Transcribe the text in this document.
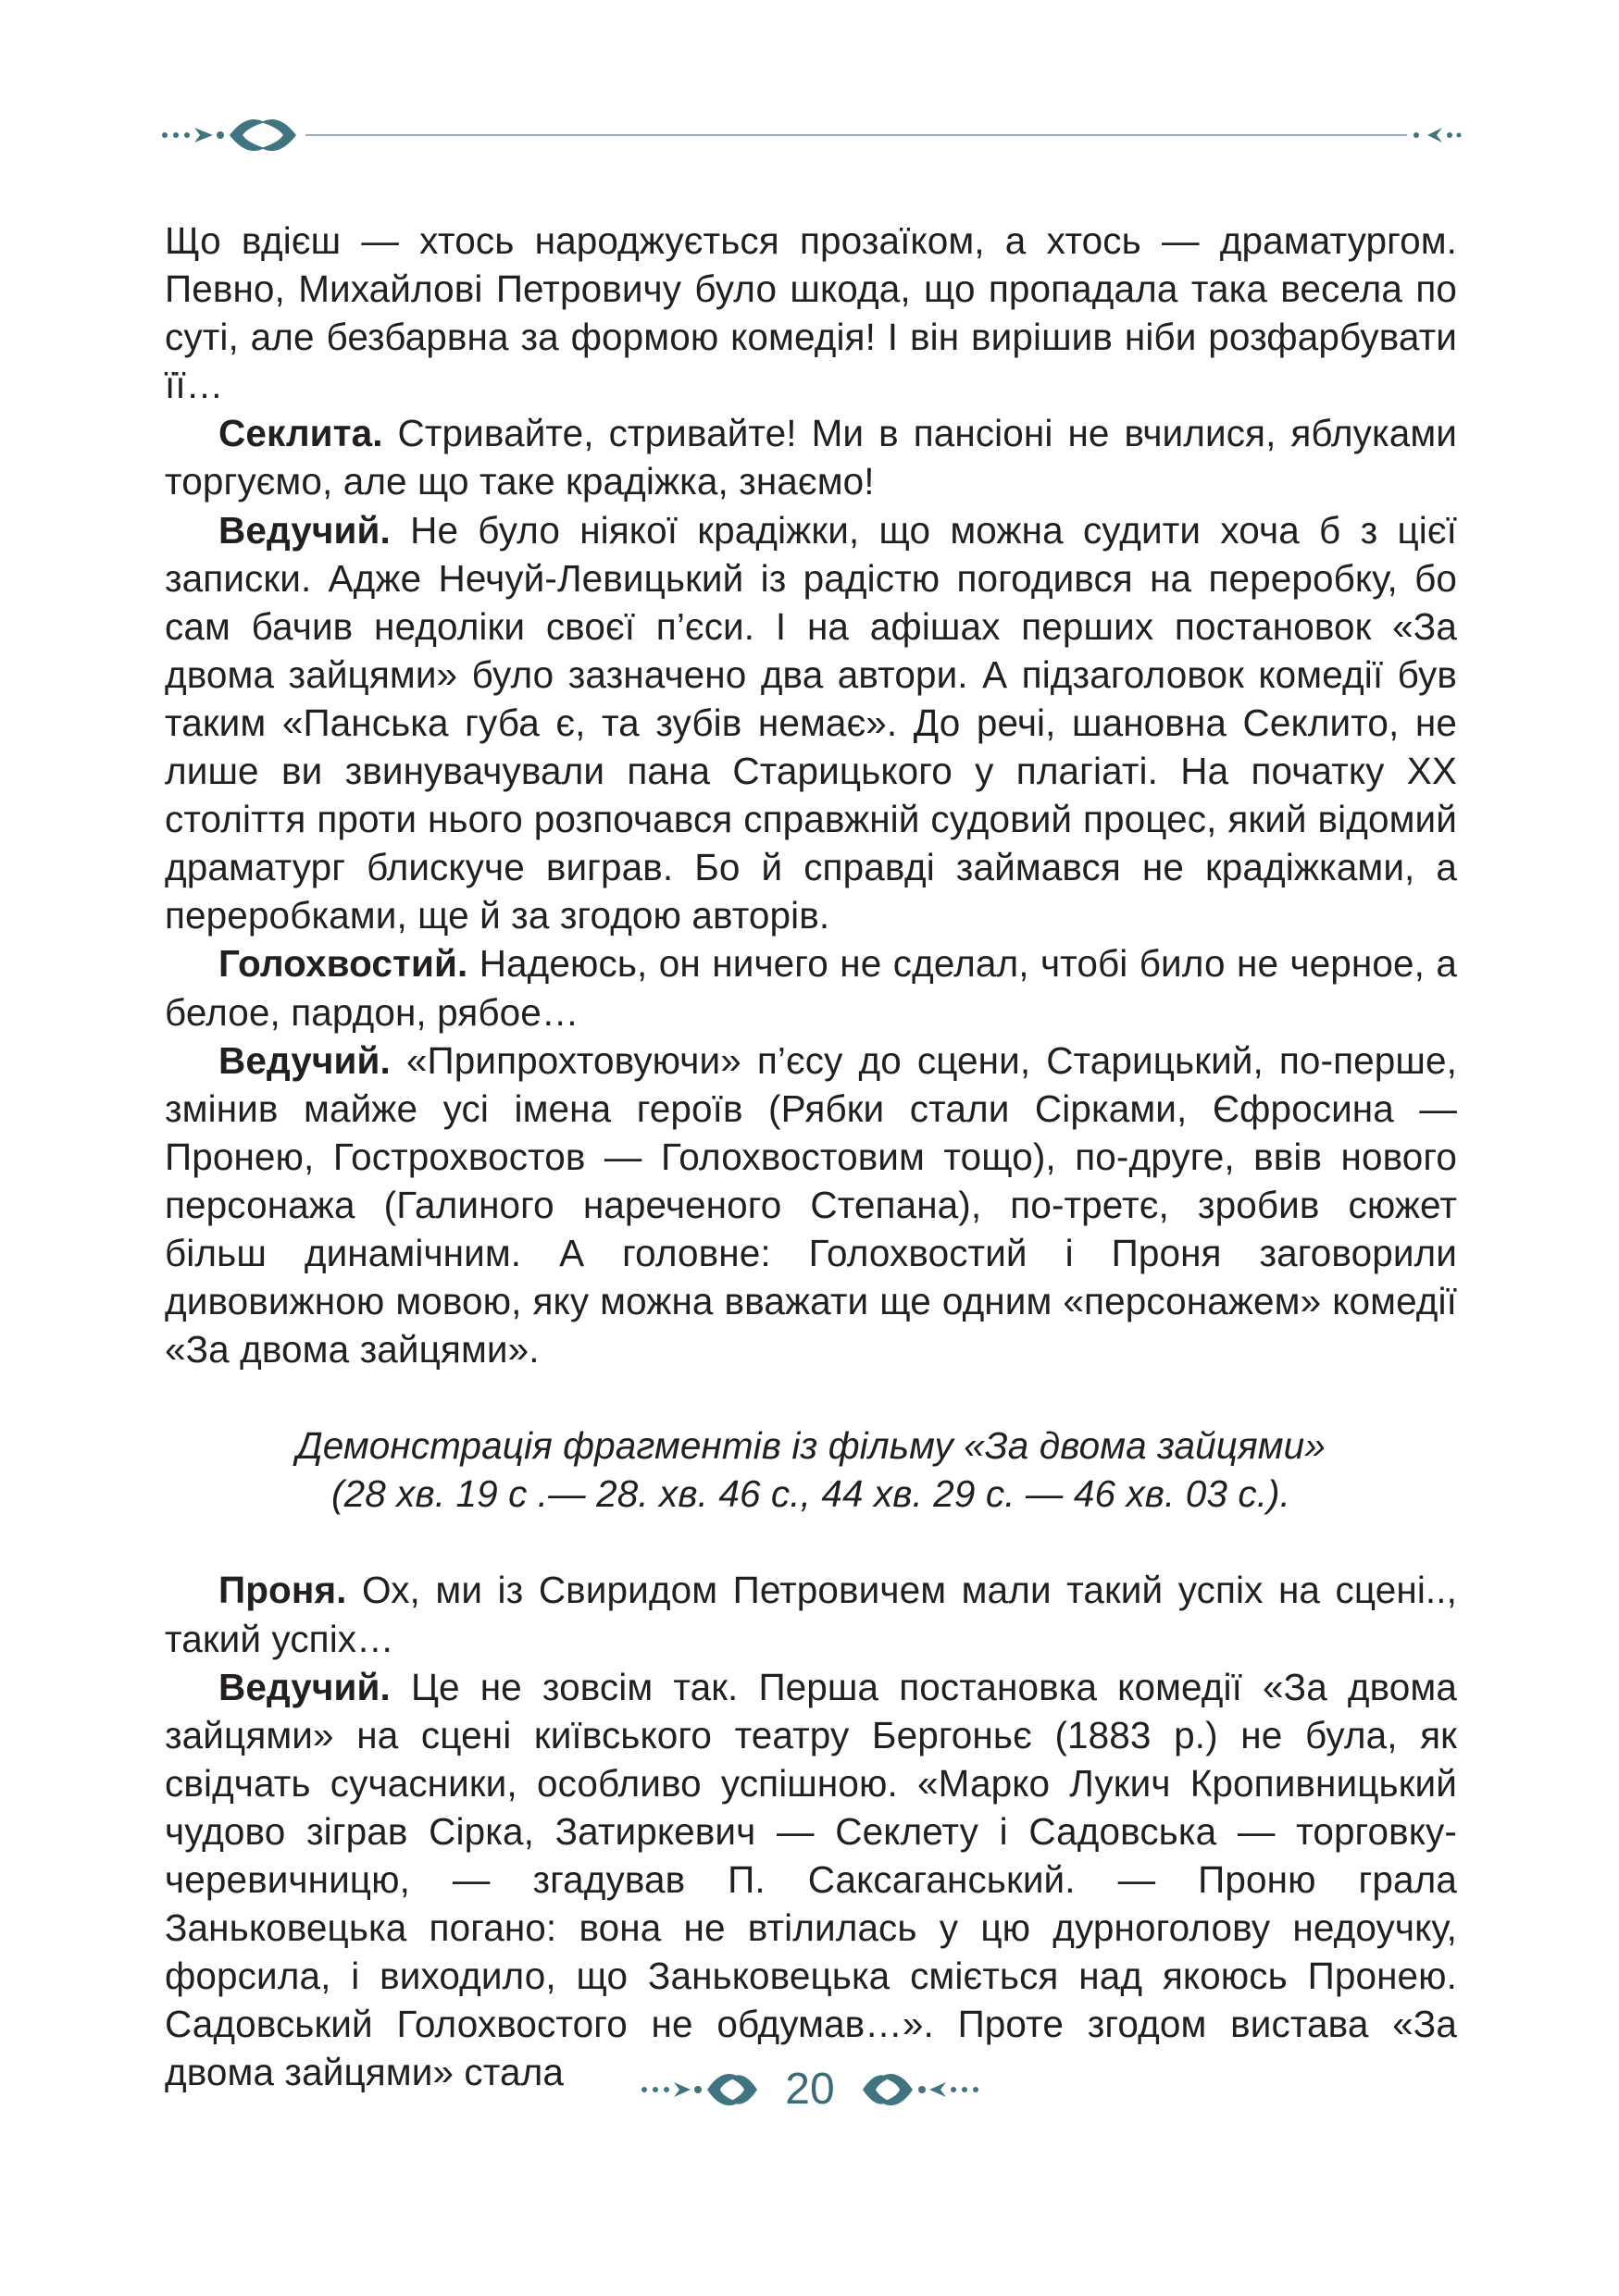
Що вдієш — хтось народжується прозаїком, а хтось — драматургом. Певно, Михайлові Петровичу було шкода, що пропадала така весела по суті, але безбарвна за формою комедія! І він вирішив ніби розфарбувати її…

Секлита. Стривайте, стривайте! Ми в пансіоні не вчилися, яблуками торгуємо, але що таке крадіжка, знаємо!

Ведучий. Не було ніякої крадіжки, що можна судити хоча б з цієї записки. Адже Нечуй-Левицький із радістю погодився на переробку, бо сам бачив недоліки своєї п’єси. І на афішах перших постановок «За двома зайцями» було зазначено два автори. А підзаголовок комедії був таким «Панська губа є, та зубів немає». До речі, шановна Секлито, не лише ви звинувачували пана Старицького у плагіаті. На початку ХХ століття проти нього розпочався справжній судовий процес, який відомий драматург блискуче виграв. Бо й справді займався не крадіжками, а переробками, ще й за згодою авторів.

Голохвостий. Надеюсь, он ничего не сделал, чтобі било не черное, а белое, пардон, рябое…

Ведучий. «Припрохтовуючи» п’єсу до сцени, Старицький, по-перше, змінив майже усі імена героїв (Рябки стали Сірками, Єфросина — Пронею, Гострохвостов — Голохвостовим тощо), по-друге, ввів нового персонажа (Галиного нареченого Степана), по-третє, зробив сюжет більш динамічним. А головне: Голохвостий і Проня заговорили дивовижною мовою, яку можна вважати ще одним «персонажем» комедії «За двома зайцями».

Демонстрація фрагментів із фільму «За двома зайцями»
(28 хв. 19 с .— 28. хв. 46 с., 44 хв. 29 с. — 46 хв. 03 с.).

Проня. Ох, ми із Свиридом Петровичем мали такий успіх на сцені.., такий успіх…

Ведучий. Це не зовсім так. Перша постановка комедії «За двома зайцями» на сцені київського театру Бергоньє (1883 р.) не була, як свідчать сучасники, особливо успішною. «Марко Лукич Кропивницький чудово зіграв Сірка, Затиркевич — Секлету і Садовська — торговку-черевичницю, — згадував П. Саксаганський. — Проню грала Заньковецька погано: вона не втілилась у цю дурноголову недоучку, форсила, і виходило, що Заньковецька сміється над якоюсь Пронею. Садовський Голохвостого не обдумав…». Проте згодом вистава «За двома зайцями» стала	20
